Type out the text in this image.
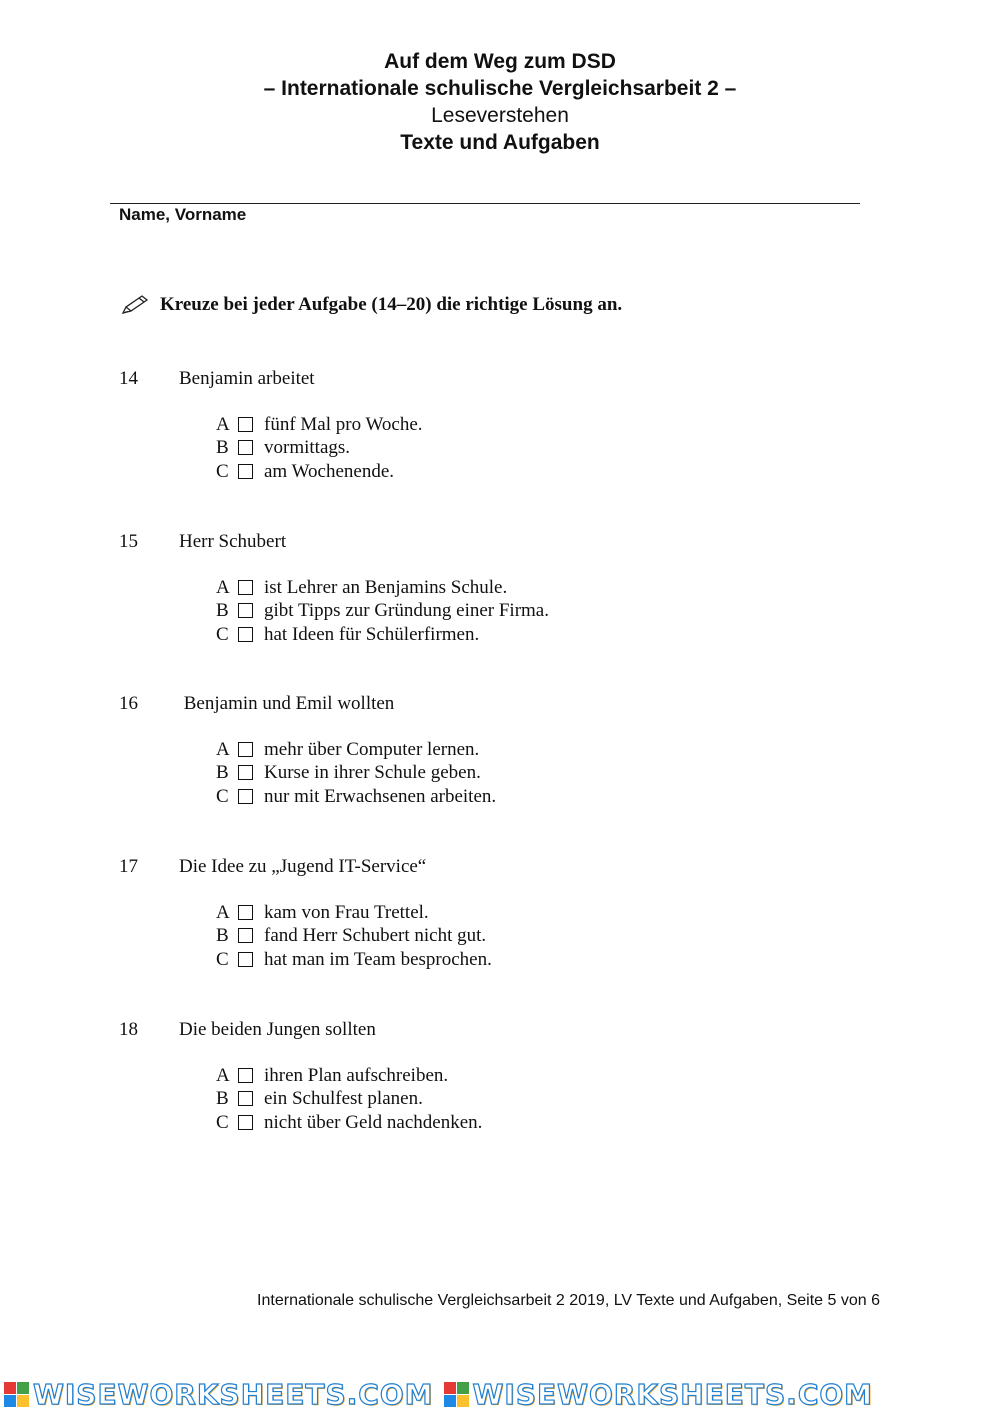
Auf dem Weg zum DSD
– Internationale schulische Vergleichsarbeit 2 –
Leseverstehen
Texte und Aufgaben
Name, Vorname
Kreuze bei jeder Aufgabe (14–20) die richtige Lösung an.
14	Benjamin arbeitet
A	fünf Mal pro Woche.
B	vormittags.
C	am Wochenende.
15	Herr Schubert
A	ist Lehrer an Benjamins Schule.
B	gibt Tipps zur Gründung einer Firma.
C	hat Ideen für Schülerfirmen.
16	Benjamin und Emil wollten
A	mehr über Computer lernen.
B	Kurse in ihrer Schule geben.
C	nur mit Erwachsenen arbeiten.
17	Die Idee zu „Jugend IT-Service“
A	kam von Frau Trettel.
B	fand Herr Schubert nicht gut.
C	hat man im Team besprochen.
18	Die beiden Jungen sollten
A	ihren Plan aufschreiben.
B	ein Schulfest planen.
C	nicht über Geld nachdenken.
Internationale schulische Vergleichsarbeit 2 2019, LV Texte und Aufgaben, Seite 5 von 6
WISEWORKSHEETS.COM WISEWORKSHEETS.COM
